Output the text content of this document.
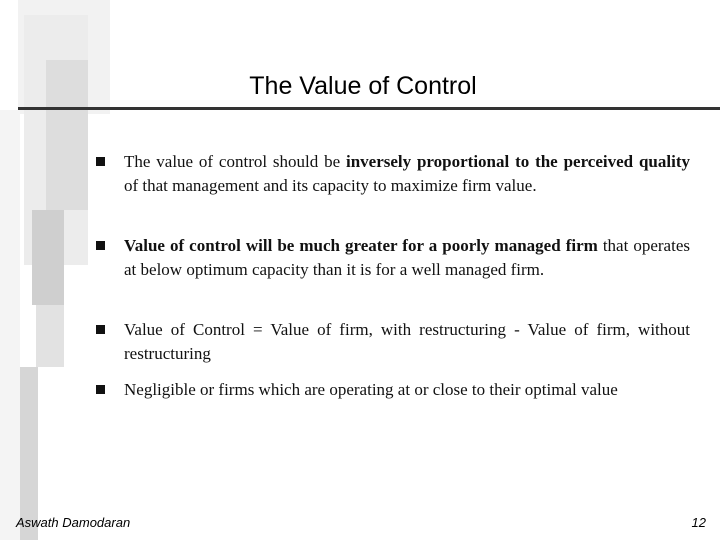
The Value of Control
The value of control should be inversely proportional to the perceived quality of that management and its capacity to maximize firm value.
Value of control will be much greater for a poorly managed firm that operates at below optimum capacity than it is for a well managed firm.
Value of Control = Value of firm, with restructuring - Value of firm, without restructuring
Negligible or firms which are operating at or close to their optimal value
Aswath Damodaran	12
